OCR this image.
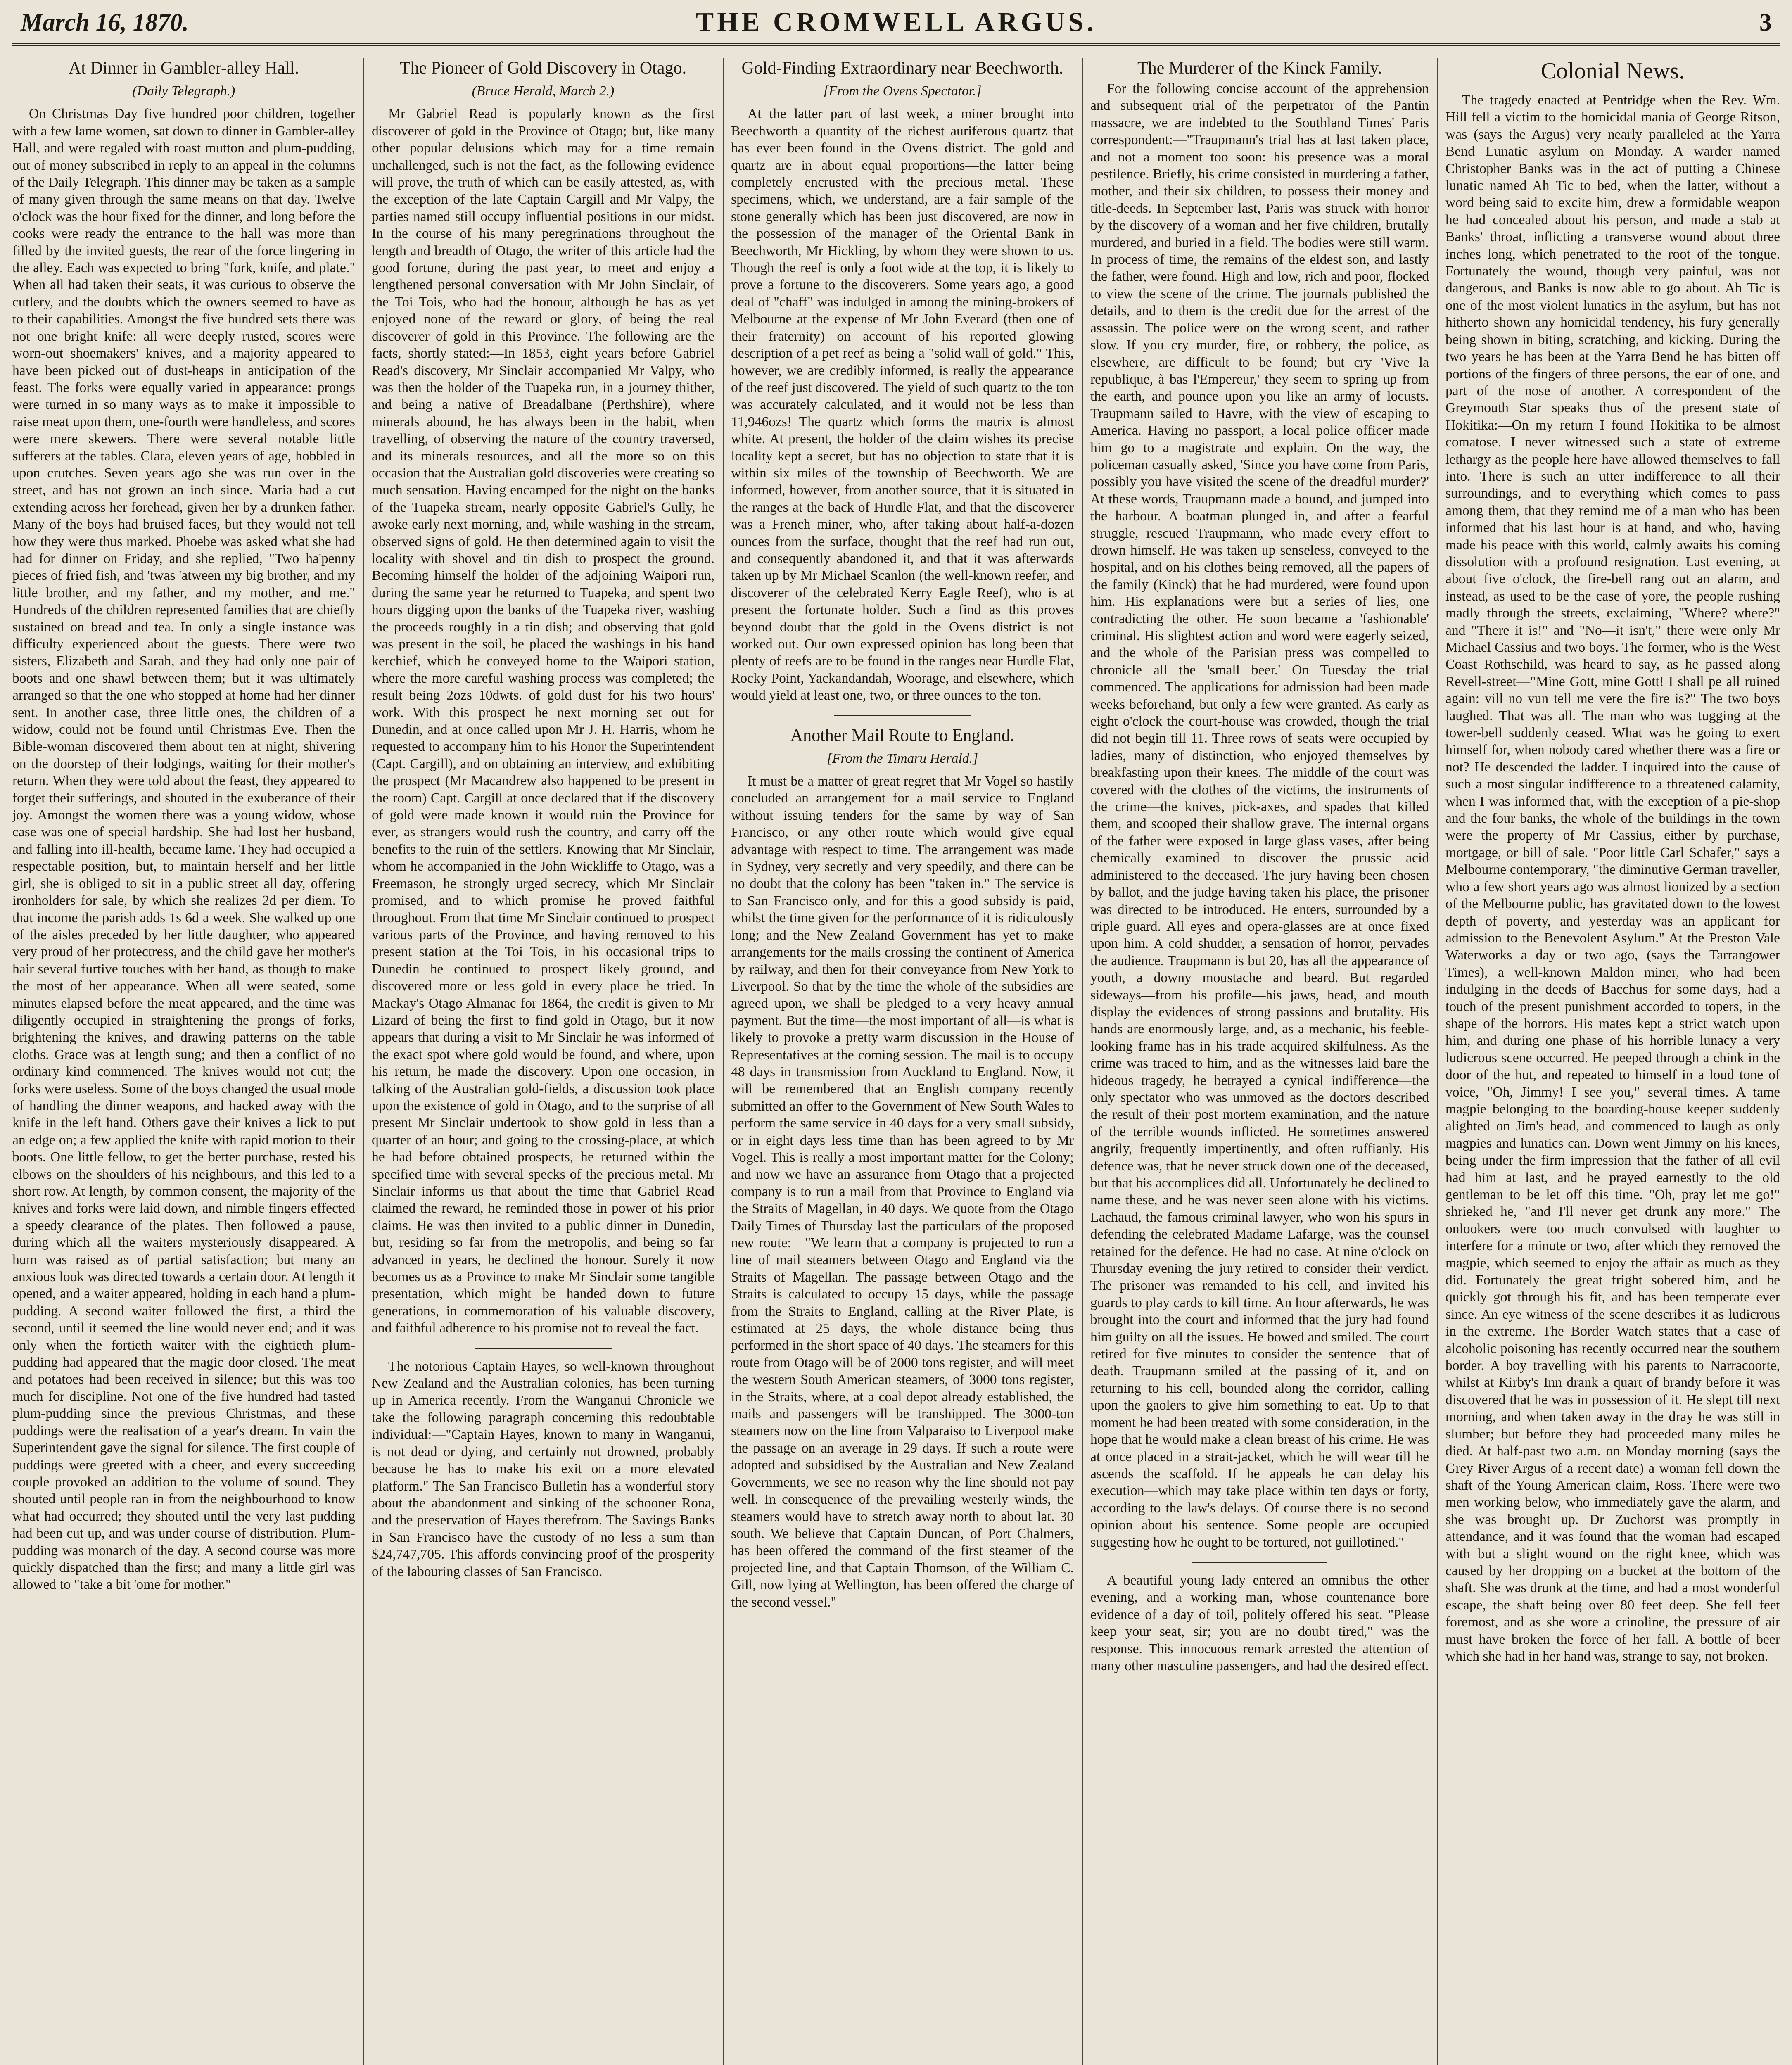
March 16, 1870.	THE CROMWELL ARGUS.	3
At Dinner in Gambler-alley Hall.
(Daily Telegraph.)

On Christmas Day five hundred poor children, together with a few lame women, sat down to dinner in Gambler-alley Hall, and were regaled with roast mutton and plum-pudding, out of money subscribed in reply to an appeal in the columns of the Daily Telegraph. This dinner may be taken as a sample of many given through the same means on that day. Twelve o'clock was the hour fixed for the dinner, and long before the cooks were ready the entrance to the hall was more than filled by the invited guests, the rear of the force lingering in the alley. Each was expected to bring "fork, knife, and plate." When all had taken their seats, it was curious to observe the cutlery, and the doubts which the owners seemed to have as to their capabilities. Amongst the five hundred sets there was not one bright knife: all were deeply rusted, scores were worn-out shoemakers' knives, and a majority appeared to have been picked out of dust-heaps in anticipation of the feast. The forks were equally varied in appearance: prongs were turned in so many ways as to make it impossible to raise meat upon them, one-fourth were handleless, and scores were mere skewers. There were several notable little sufferers at the tables. Clara, eleven years of age, hobbled in upon crutches. Seven years ago she was run over in the street, and has not grown an inch since. Maria had a cut extending across her forehead, given her by a drunken father. Many of the boys had bruised faces, but they would not tell how they were thus marked. Phoebe was asked what she had had for dinner on Friday, and she replied, "Two ha'penny pieces of fried fish, and 'twas 'atween my big brother, and my little brother, and my father, and my mother, and me." Hundreds of the children represented families that are chiefly sustained on bread and tea. In only a single instance was difficulty experienced about the guests. There were two sisters, Elizabeth and Sarah, and they had only one pair of boots and one shawl between them; but it was ultimately arranged so that the one who stopped at home had her dinner sent. In another case, three little ones, the children of a widow, could not be found until Christmas Eve. Then the Bible-woman discovered them about ten at night, shivering on the doorstep of their lodgings, waiting for their mother's return. When they were told about the feast, they appeared to forget their sufferings, and shouted in the exuberance of their joy. Amongst the women there was a young widow, whose case was one of special hardship. She had lost her husband, and falling into ill-health, became lame. They had occupied a respectable position, but, to maintain herself and her little girl, she is obliged to sit in a public street all day, offering ironholders for sale, by which she realizes 2d per diem. To that income the parish adds 1s 6d a week. She walked up one of the aisles preceded by her little daughter, who appeared very proud of her protectress, and the child gave her mother's hair several furtive touches with her hand, as though to make the most of her appearance. When all were seated, some minutes elapsed before the meat appeared, and the time was diligently occupied in straightening the prongs of forks, brightening the knives, and drawing patterns on the table cloths. Grace was at length sung; and then a conflict of no ordinary kind commenced. The knives would not cut; the forks were useless. Some of the boys changed the usual mode of handling the dinner weapons, and hacked away with the knife in the left hand. Others gave their knives a lick to put an edge on; a few applied the knife with rapid motion to their boots. One little fellow, to get the better purchase, rested his elbows on the shoulders of his neighbours, and this led to a short row. At length, by common consent, the majority of the knives and forks were laid down, and nimble fingers effected a speedy clearance of the plates. Then followed a pause, during which all the waiters mysteriously disappeared. A hum was raised as of partial satisfaction; but many an anxious look was directed towards a certain door. At length it opened, and a waiter appeared, holding in each hand a plum-pudding. A second waiter followed the first, a third the second, until it seemed the line would never end; and it was only when the fortieth waiter with the eightieth plum-pudding had appeared that the magic door closed. The meat and potatoes had been received in silence; but this was too much for discipline. Not one of the five hundred had tasted plum-pudding since the previous Christmas, and these puddings were the realisation of a year's dream. In vain the Superintendent gave the signal for silence. The first couple of puddings were greeted with a cheer, and every succeeding couple provoked an addition to the volume of sound. They shouted until people ran in from the neighbourhood to know what had occurred; they shouted until the very last pudding had been cut up, and was under course of distribution. Plum-pudding was monarch of the day. A second course was more quickly dispatched than the first; and many a little girl was allowed to "take a bit 'ome for mother."

The Pioneer of Gold Discovery in Otago.
(Bruce Herald, March 2.)

Mr Gabriel Read is popularly known as the first discoverer of gold in the Province of Otago; but, like many other popular delusions which may for a time remain unchallenged, such is not the fact, as the following evidence will prove, the truth of which can be easily attested, as, with the exception of the late Captain Cargill and Mr Valpy, the parties named still occupy influential positions in our midst. In the course of his many peregrinations throughout the length and breadth of Otago, the writer of this article had the good fortune, during the past year, to meet and enjoy a lengthened personal conversation with Mr John Sinclair, of the Toi Tois, who had the honour, although he has as yet enjoyed none of the reward or glory, of being the real discoverer of gold in this Province. The following are the facts, shortly stated:—In 1853, eight years before Gabriel Read's discovery, Mr Sinclair accompanied Mr Valpy, who was then the holder of the Tuapeka run, in a journey thither, and being a native of Breadalbane (Perthshire), where minerals abound, he has always been in the habit, when travelling, of observing the nature of the country traversed, and its minerals resources, and all the more so on this occasion that the Australian gold discoveries were creating so much sensation. Having encamped for the night on the banks of the Tuapeka stream, nearly opposite Gabriel's Gully, he awoke early next morning, and, while washing in the stream, observed signs of gold. He then determined again to visit the locality with shovel and tin dish to prospect the ground. Becoming himself the holder of the adjoining Waipori run, during the same year he returned to Tuapeka, and spent two hours digging upon the banks of the Tuapeka river, washing the proceeds roughly in a tin dish; and observing that gold was present in the soil, he placed the washings in his hand kerchief, which he conveyed home to the Waipori station, where the more careful washing process was completed; the result being 2ozs 10dwts. of gold dust for his two hours' work. With this prospect he next morning set out for Dunedin, and at once called upon Mr J. H. Harris, whom he requested to accompany him to his Honor the Superintendent (Capt. Cargill), and on obtaining an interview, and exhibiting the prospect (Mr Macandrew also happened to be present in the room) Capt. Cargill at once declared that if the discovery of gold were made known it would ruin the Province for ever, as strangers would rush the country, and carry off the benefits to the ruin of the settlers. Knowing that Mr Sinclair, whom he accompanied in the John Wickliffe to Otago, was a Freemason, he strongly urged secrecy, which Mr Sinclair promised, and to which promise he proved faithful throughout. From that time Mr Sinclair continued to prospect various parts of the Province, and having removed to his present station at the Toi Tois, in his occasional trips to Dunedin he continued to prospect likely ground, and discovered more or less gold in every place he tried. In Mackay's Otago Almanac for 1864, the credit is given to Mr Lizard of being the first to find gold in Otago, but it now appears that during a visit to Mr Sinclair he was informed of the exact spot where gold would be found, and where, upon his return, he made the discovery. Upon one occasion, in talking of the Australian gold-fields, a discussion took place upon the existence of gold in Otago, and to the surprise of all present Mr Sinclair undertook to show gold in less than a quarter of an hour; and going to the crossing-place, at which he had before obtained prospects, he returned within the specified time with several specks of the precious metal. Mr Sinclair informs us that about the time that Gabriel Read claimed the reward, he reminded those in power of his prior claims. He was then invited to a public dinner in Dunedin, but, residing so far from the metropolis, and being so far advanced in years, he declined the honour. Surely it now becomes us as a Province to make Mr Sinclair some tangible presentation, which might be handed down to future generations, in commemoration of his valuable discovery, and faithful adherence to his promise not to reveal the fact.

The notorious Captain Hayes, so well-known throughout New Zealand and the Australian colonies, has been turning up in America recently. From the Wanganui Chronicle we take the following paragraph concerning this redoubtable individual:—"Captain Hayes, known to many in Wanganui, is not dead or dying, and certainly not drowned, probably because he has to make his exit on a more elevated platform." The San Francisco Bulletin has a wonderful story about the abandonment and sinking of the schooner Rona, and the preservation of Hayes therefrom. The Savings Banks in San Francisco have the custody of no less a sum than $24,747,705. This affords convincing proof of the prosperity of the labouring classes of San Francisco.

Gold-Finding Extraordinary near Beechworth.
[From the Ovens Spectator.]

At the latter part of last week, a miner brought into Beechworth a quantity of the richest auriferous quartz that has ever been found in the Ovens district. The gold and quartz are in about equal proportions—the latter being completely encrusted with the precious metal. These specimens, which, we understand, are a fair sample of the stone generally which has been just discovered, are now in the possession of the manager of the Oriental Bank in Beechworth, Mr Hickling, by whom they were shown to us. Though the reef is only a foot wide at the top, it is likely to prove a fortune to the discoverers. Some years ago, a good deal of "chaff" was indulged in among the mining-brokers of Melbourne at the expense of Mr John Everard (then one of their fraternity) on account of his reported glowing description of a pet reef as being a "solid wall of gold." This, however, we are credibly informed, is really the appearance of the reef just discovered. The yield of such quartz to the ton was accurately calculated, and it would not be less than 11,946ozs! The quartz which forms the matrix is almost white. At present, the holder of the claim wishes its precise locality kept a secret, but has no objection to state that it is within six miles of the township of Beechworth. We are informed, however, from another source, that it is situated in the ranges at the back of Hurdle Flat, and that the discoverer was a French miner, who, after taking about half-a-dozen ounces from the surface, thought that the reef had run out, and consequently abandoned it, and that it was afterwards taken up by Mr Michael Scanlon (the well-known reefer, and discoverer of the celebrated Kerry Eagle Reef), who is at present the fortunate holder. Such a find as this proves beyond doubt that the gold in the Ovens district is not worked out. Our own expressed opinion has long been that plenty of reefs are to be found in the ranges near Hurdle Flat, Rocky Point, Yackandandah, Woorage, and elsewhere, which would yield at least one, two, or three ounces to the ton.

Another Mail Route to England.
[From the Timaru Herald.]

It must be a matter of great regret that Mr Vogel so hastily concluded an arrangement for a mail service to England without issuing tenders for the same by way of San Francisco, or any other route which would give equal advantage with respect to time. The arrangement was made in Sydney, very secretly and very speedily, and there can be no doubt that the colony has been "taken in." The service is to San Francisco only, and for this a good subsidy is paid, whilst the time given for the performance of it is ridiculously long; and the New Zealand Government has yet to make arrangements for the mails crossing the continent of America by railway, and then for their conveyance from New York to Liverpool. So that by the time the whole of the subsidies are agreed upon, we shall be pledged to a very heavy annual payment. But the time—the most important of all—is what is likely to provoke a pretty warm discussion in the House of Representatives at the coming session. The mail is to occupy 48 days in transmission from Auckland to England. Now, it will be remembered that an English company recently submitted an offer to the Government of New South Wales to perform the same service in 40 days for a very small subsidy, or in eight days less time than has been agreed to by Mr Vogel. This is really a most important matter for the Colony; and now we have an assurance from Otago that a projected company is to run a mail from that Province to England via the Straits of Magellan, in 40 days. We quote from the Otago Daily Times of Thursday last the particulars of the proposed new route:—"We learn that a company is projected to run a line of mail steamers between Otago and England via the Straits of Magellan. The passage between Otago and the Straits is calculated to occupy 15 days, while the passage from the Straits to England, calling at the River Plate, is estimated at 25 days, the whole distance being thus performed in the short space of 40 days. The steamers for this route from Otago will be of 2000 tons register, and will meet the western South American steamers, of 3000 tons register, in the Straits, where, at a coal depot already established, the mails and passengers will be transhipped. The 3000-ton steamers now on the line from Valparaiso to Liverpool make the passage on an average in 29 days. If such a route were adopted and subsidised by the Australian and New Zealand Governments, we see no reason why the line should not pay well. In consequence of the prevailing westerly winds, the steamers would have to stretch away north to about lat. 30 south. We believe that Captain Duncan, of Port Chalmers, has been offered the command of the first steamer of the projected line, and that Captain Thomson, of the William C. Gill, now lying at Wellington, has been offered the charge of the second vessel."

The Murderer of the Kinck Family.

For the following concise account of the apprehension and subsequent trial of the perpetrator of the Pantin massacre, we are indebted to the Southland Times' Paris correspondent:—"Traupmann's trial has at last taken place, and not a moment too soon: his presence was a moral pestilence. Briefly, his crime consisted in murdering a father, mother, and their six children, to possess their money and title-deeds. In September last, Paris was struck with horror by the discovery of a woman and her five children, brutally murdered, and buried in a field. The bodies were still warm. In process of time, the remains of the eldest son, and lastly the father, were found. High and low, rich and poor, flocked to view the scene of the crime. The journals published the details, and to them is the credit due for the arrest of the assassin. The police were on the wrong scent, and rather slow. If you cry murder, fire, or robbery, the police, as elsewhere, are difficult to be found; but cry 'Vive la republique, à bas l'Empereur,' they seem to spring up from the earth, and pounce upon you like an army of locusts. Traupmann sailed to Havre, with the view of escaping to America. Having no passport, a local police officer made him go to a magistrate and explain. On the way, the policeman casually asked, 'Since you have come from Paris, possibly you have visited the scene of the dreadful murder?' At these words, Traupmann made a bound, and jumped into the harbour. A boatman plunged in, and after a fearful struggle, rescued Traupmann, who made every effort to drown himself. He was taken up senseless, conveyed to the hospital, and on his clothes being removed, all the papers of the family (Kinck) that he had murdered, were found upon him. His explanations were but a series of lies, one contradicting the other. He soon became a 'fashionable' criminal. His slightest action and word were eagerly seized, and the whole of the Parisian press was compelled to chronicle all the 'small beer.' On Tuesday the trial commenced. The applications for admission had been made weeks beforehand, but only a few were granted. As early as eight o'clock the court-house was crowded, though the trial did not begin till 11. Three rows of seats were occupied by ladies, many of distinction, who enjoyed themselves by breakfasting upon their knees. The middle of the court was covered with the clothes of the victims, the instruments of the crime—the knives, pick-axes, and spades that killed them, and scooped their shallow grave. The internal organs of the father were exposed in large glass vases, after being chemically examined to discover the prussic acid administered to the deceased. The jury having been chosen by ballot, and the judge having taken his place, the prisoner was directed to be introduced. He enters, surrounded by a triple guard. All eyes and opera-glasses are at once fixed upon him. A cold shudder, a sensation of horror, pervades the audience. Traupmann is but 20, has all the appearance of youth, a downy moustache and beard. But regarded sideways—from his profile—his jaws, head, and mouth display the evidences of strong passions and brutality. His hands are enormously large, and, as a mechanic, his feeble-looking frame has in his trade acquired skilfulness. As the crime was traced to him, and as the witnesses laid bare the hideous tragedy, he betrayed a cynical indifference—the only spectator who was unmoved as the doctors described the result of their post mortem examination, and the nature of the terrible wounds inflicted. He sometimes answered angrily, frequently impertinently, and often ruffianly. His defence was, that he never struck down one of the deceased, but that his accomplices did all. Unfortunately he declined to name these, and he was never seen alone with his victims. Lachaud, the famous criminal lawyer, who won his spurs in defending the celebrated Madame Lafarge, was the counsel retained for the defence. He had no case. At nine o'clock on Thursday evening the jury retired to consider their verdict. The prisoner was remanded to his cell, and invited his guards to play cards to kill time. An hour afterwards, he was brought into the court and informed that the jury had found him guilty on all the issues. He bowed and smiled. The court retired for five minutes to consider the sentence—that of death. Traupmann smiled at the passing of it, and on returning to his cell, bounded along the corridor, calling upon the gaolers to give him something to eat. Up to that moment he had been treated with some consideration, in the hope that he would make a clean breast of his crime. He was at once placed in a strait-jacket, which he will wear till he ascends the scaffold. If he appeals he can delay his execution—which may take place within ten days or forty, according to the law's delays. Of course there is no second opinion about his sentence. Some people are occupied suggesting how he ought to be tortured, not guillotined."

A beautiful young lady entered an omnibus the other evening, and a working man, whose countenance bore evidence of a day of toil, politely offered his seat. "Please keep your seat, sir; you are no doubt tired," was the response. This innocuous remark arrested the attention of many other masculine passengers, and had the desired effect.

Colonial News.

The tragedy enacted at Pentridge when the Rev. Wm. Hill fell a victim to the homicidal mania of George Ritson, was (says the Argus) very nearly paralleled at the Yarra Bend Lunatic asylum on Monday. A warder named Christopher Banks was in the act of putting a Chinese lunatic named Ah Tic to bed, when the latter, without a word being said to excite him, drew a formidable weapon he had concealed about his person, and made a stab at Banks' throat, inflicting a transverse wound about three inches long, which penetrated to the root of the tongue. Fortunately the wound, though very painful, was not dangerous, and Banks is now able to go about. Ah Tic is one of the most violent lunatics in the asylum, but has not hitherto shown any homicidal tendency, his fury generally being shown in biting, scratching, and kicking. During the two years he has been at the Yarra Bend he has bitten off portions of the fingers of three persons, the ear of one, and part of the nose of another. A correspondent of the Greymouth Star speaks thus of the present state of Hokitika:—On my return I found Hokitika to be almost comatose. I never witnessed such a state of extreme lethargy as the people here have allowed themselves to fall into. There is such an utter indifference to all their surroundings, and to everything which comes to pass among them, that they remind me of a man who has been informed that his last hour is at hand, and who, having made his peace with this world, calmly awaits his coming dissolution with a profound resignation. Last evening, at about five o'clock, the fire-bell rang out an alarm, and instead, as used to be the case of yore, the people rushing madly through the streets, exclaiming, "Where? where?" and "There it is!" and "No—it isn't," there were only Mr Michael Cassius and two boys. The former, who is the West Coast Rothschild, was heard to say, as he passed along Revell-street—"Mine Gott, mine Gott! I shall pe all ruined again: vill no vun tell me vere the fire is?" The two boys laughed. That was all. The man who was tugging at the tower-bell suddenly ceased. What was he going to exert himself for, when nobody cared whether there was a fire or not? He descended the ladder. I inquired into the cause of such a most singular indifference to a threatened calamity, when I was informed that, with the exception of a pie-shop and the four banks, the whole of the buildings in the town were the property of Mr Cassius, either by purchase, mortgage, or bill of sale. "Poor little Carl Schafer," says a Melbourne contemporary, "the diminutive German traveller, who a few short years ago was almost lionized by a section of the Melbourne public, has gravitated down to the lowest depth of poverty, and yesterday was an applicant for admission to the Benevolent Asylum." At the Preston Vale Waterworks a day or two ago, (says the Tarrangower Times), a well-known Maldon miner, who had been indulging in the deeds of Bacchus for some days, had a touch of the present punishment accorded to topers, in the shape of the horrors. His mates kept a strict watch upon him, and during one phase of his horrible lunacy a very ludicrous scene occurred. He peeped through a chink in the door of the hut, and repeated to himself in a loud tone of voice, "Oh, Jimmy! I see you," several times. A tame magpie belonging to the boarding-house keeper suddenly alighted on Jim's head, and commenced to laugh as only magpies and lunatics can. Down went Jimmy on his knees, being under the firm impression that the father of all evil had him at last, and he prayed earnestly to the old gentleman to be let off this time. "Oh, pray let me go!" shrieked he, "and I'll never get drunk any more." The onlookers were too much convulsed with laughter to interfere for a minute or two, after which they removed the magpie, which seemed to enjoy the affair as much as they did. Fortunately the great fright sobered him, and he quickly got through his fit, and has been temperate ever since. An eye witness of the scene describes it as ludicrous in the extreme. The Border Watch states that a case of alcoholic poisoning has recently occurred near the southern border. A boy travelling with his parents to Narracoorte, whilst at Kirby's Inn drank a quart of brandy before it was discovered that he was in possession of it. He slept till next morning, and when taken away in the dray he was still in slumber; but before they had proceeded many miles he died. At half-past two a.m. on Monday morning (says the Grey River Argus of a recent date) a woman fell down the shaft of the Young American claim, Ross. There were two men working below, who immediately gave the alarm, and she was brought up. Dr Zuchorst was promptly in attendance, and it was found that the woman had escaped with but a slight wound on the right knee, which was caused by her dropping on a bucket at the bottom of the shaft. She was drunk at the time, and had a most wonderful escape, the shaft being over 80 feet deep. She fell feet foremost, and as she wore a crinoline, the pressure of air must have broken the force of her fall. A bottle of beer which she had in her hand was, strange to say, not broken.
